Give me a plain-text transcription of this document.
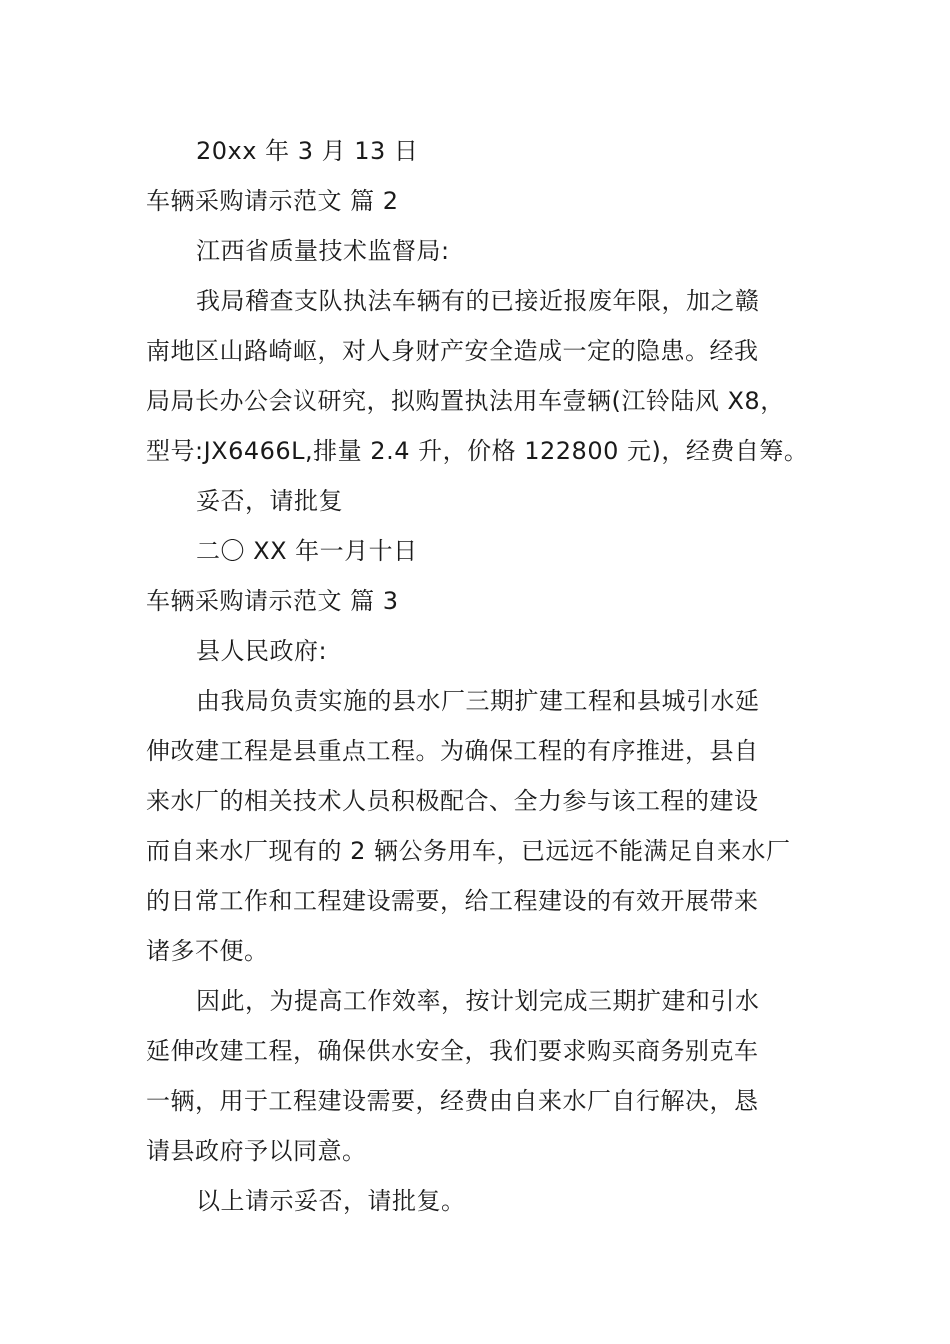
20xx 年 3 月 13 日
车辆采购请示范文 篇 2
江西省质量技术监督局:
我局稽查支队执法车辆有的已接近报废年限，加之赣
南地区山路崎岖，对人身财产安全造成一定的隐患。经我
局局长办公会议研究，拟购置执法用车壹辆(江铃陆风 X8，
型号:JX6466L,排量 2.4 升，价格 122800 元)，经费自筹。
妥否，请批复
二〇 XX 年一月十日
车辆采购请示范文 篇 3
县人民政府:
由我局负责实施的县水厂三期扩建工程和县城引水延
伸改建工程是县重点工程。为确保工程的有序推进，县自
来水厂的相关技术人员积极配合、全力参与该工程的建设
而自来水厂现有的 2 辆公务用车，已远远不能满足自来水厂
的日常工作和工程建设需要，给工程建设的有效开展带来
诸多不便。
因此，为提高工作效率，按计划完成三期扩建和引水
延伸改建工程，确保供水安全，我们要求购买商务别克车
一辆，用于工程建设需要，经费由自来水厂自行解决，恳
请县政府予以同意。
以上请示妥否，请批复。
